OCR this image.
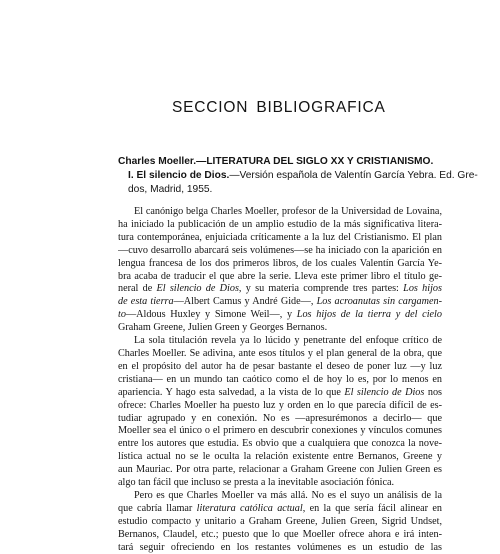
SECCION BIBLIOGRAFICA
Charles Moeller.—LITERATURA DEL SIGLO XX Y CRISTIANISMO.
I. El silencio de Dios.—Versión española de Valentín García Yebra. Ed. Gre-
dos, Madrid, 1955.
El canónigo belga Charles Moeller, profesor de la Universidad de Lovaina,
ha iniciado la publicación de un amplio estudio de la más significativa litera-
tura contemporánea, enjuiciada críticamente a la luz del Cristianismo. El plan
—cuvo desarrollo abarcará seis volúmenes—se ha iniciado con la aparición en
lengua francesa de los dos primeros libros, de los cuales Valentín García Ye-
bra acaba de traducir el que abre la serie. Lleva este primer libro el título ge-
neral de El silencio de Dios, y su materia comprende tres partes: Los hijos
de esta tierra—Albert Camus y André Gide—, Los acroanutas sin cargamen-
to—Aldous Huxley y Simone Weil—, y Los hijos de la tierra y del cielo
Graham Greene, Julien Green y Georges Bernanos.
La sola titulación revela ya lo lúcido y penetrante del enfoque crítico de
Charles Moeller. Se adivina, ante esos títulos y el plan general de la obra, que
en el propósito del autor ha de pesar bastante el deseo de poner luz —y luz
cristiana— en un mundo tan caótico como el de hoy lo es, por lo menos en
apariencia. Y hago esta salvedad, a la vista de lo que El silencio de Dios nos
ofrece: Charles Moeller ha puesto luz y orden en lo que parecía difícil de es-
tudiar agrupado y en conexión. No es —apresurémonos a decirlo— que
Moeller sea el único o el primero en descubrir conexiones y vínculos comunes
entre los autores que estudia. Es obvio que a cualquiera que conozca la nove-
lística actual no se le oculta la relación existente entre Bernanos, Greene y
aun Mauriac. Por otra parte, relacionar a Graham Greene con Julien Green es
algo tan fácil que incluso se presta a la inevitable asociación fónica.
Pero es que Charles Moeller va más allá. No es el suyo un análisis de la
que cabría llamar literatura católica actual, en la que sería fácil alinear en
estudio compacto y unitario a Graham Greene, Julien Green, Sigrid Undset,
Bernanos, Claudel, etc.; puesto que lo que Moeller ofrece ahora e irá inten-
tará seguir ofreciendo en los restantes volúmenes es un estudio de las
